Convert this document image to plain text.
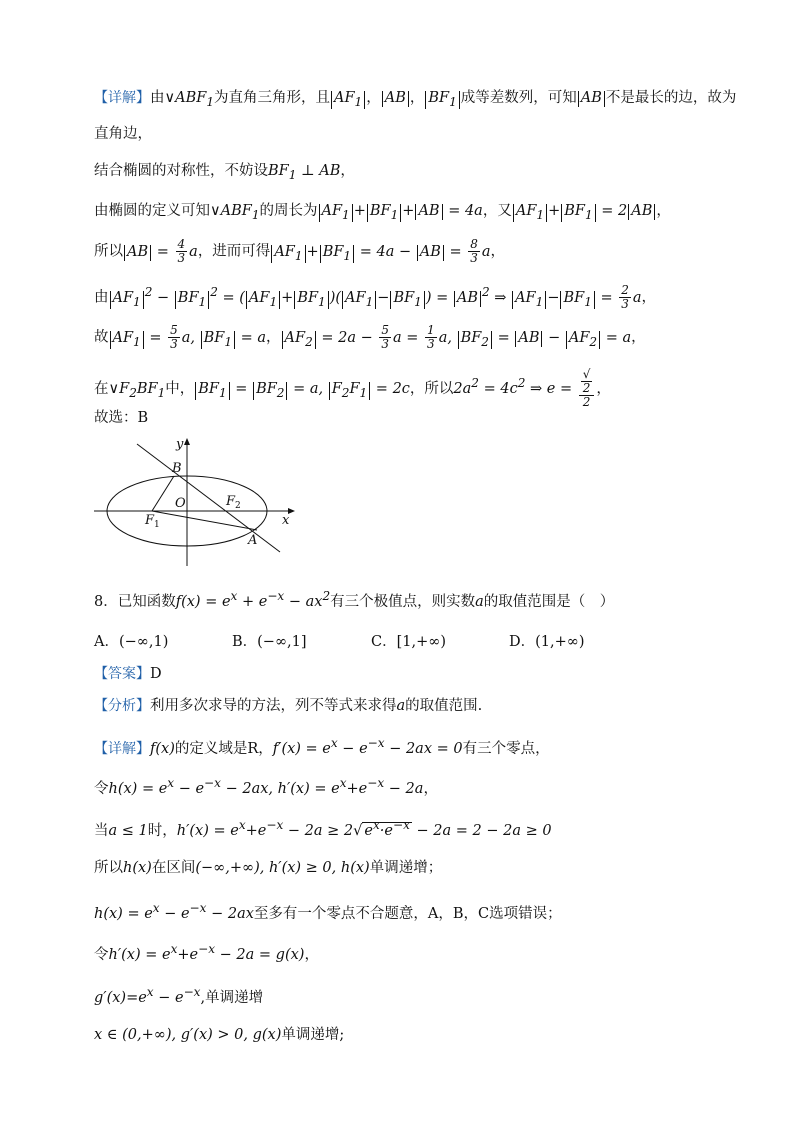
【详解】由$\vee ABF_1$为直角三角形，且 $AF_1$ ， AB ， $BF_1$ 成等差数列，可知 AB 不是最长的边，故为
直角边，
结合椭圆的对称性，不妨设$BF_1$ ⊥ AB，
由椭圆的定义可知$\vee ABF_1$的周长为 $AF_1 + BF_1$ + AB = 4a，又 $AF_1 + BF_1 = 2$ AB ，
所以 AB = $\frac{4}{3}$ a，进而可得 $AF_1 + BF_1 = 4a$ − AB = $\frac{8}{3}$ a，
由 $AF_1^2 - BF_1^2$ = ( $AF_1 + BF_1$ )( $AF_1 - BF_1$ ) = AB $^2$ ⇒ $AF_1 - BF_1 = \frac{2}{3}$ a，
故 $AF_1 = \frac{5}{3} a$, $BF_1 = a$， $AF_2 = 2a - \frac{5}{3}$ $a = \frac{1}{3} a$, $BF_2$ = AB − $AF_2 = a$，
在$\vee F_2BF_1$中， $BF_1 = BF_2 = a$, $F_2F_1 = 2c$，所以$2a^2 = 4c^2$ ⇒ e = √
2
2 ，
故选：B
y
x
B
O	$F_2$
$F_1$
A
8．已知函数$f(x) = e^x + e^{-x} - ax^2$有三个极值点，则实数a的取值范围是（　）
A．(−∞,1)	B．(−∞,1]	C．[1,+∞)	D．(1,+∞)
【答案】D
【分析】利用多次求导的方法，列不等式来求得a的取值范围.
【详解】f(x)的定义域是R，$f'(x) = e^x - e^{-x} - 2ax = 0$有三个零点，
令$h(x) = e^x - e^{-x} - 2ax$, $h'(x) = e^x+e^{-x} - 2a$，
当a ≤ 1时，$h'(x) = e^x+e^{-x} - 2a \ge 2√$ $e^x\cdot e^{-x} - 2a = 2 - 2a \ge 0$
所以h(x)在区间(−∞,+∞), h′(x) ≥ 0, h(x)单调递增；
$h(x) = e^x - e^{-x} - 2ax$至多有一个零点不合题意，A，B，C选项错误；
令$h'(x) = e^x+e^{-x} - 2a = g(x)$，
$g'(x)=e^x - e^{-x}$,单调递增
x ∈ (0,+∞), g′(x) > 0, g(x)单调递增;
